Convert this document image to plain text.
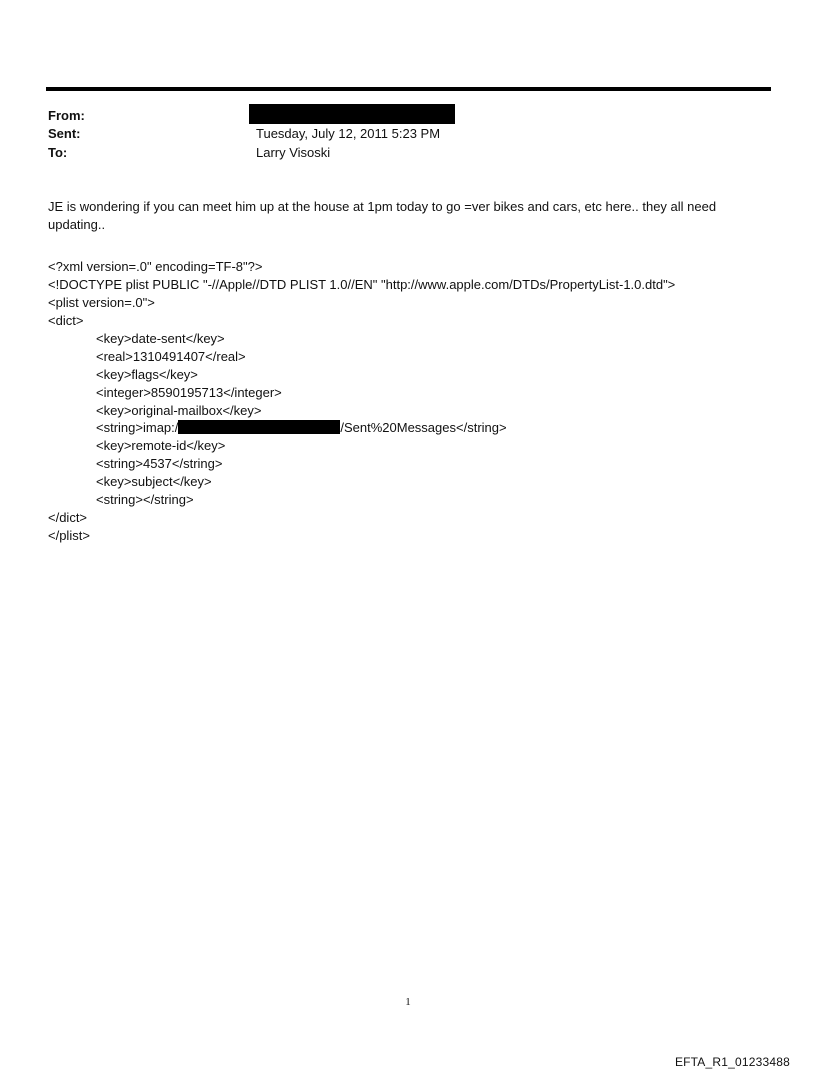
From:
Sent:	Tuesday, July 12, 2011 5:23 PM
To:	Larry Visoski
JE is wondering if you can meet him up at the house at 1pm today to go =ver bikes and cars, etc here.. they all need updating..
<?xml version=.0" encoding=TF-8"?>
<!DOCTYPE plist PUBLIC "-//Apple//DTD PLIST 1.0//EN" "http://www.apple.com/DTDs/PropertyList-1.0.dtd">
<plist version=.0">
<dict>
<key>date-sent</key>
<real>1310491407</real>
<key>flags</key>
<integer>8590195713</integer>
<key>original-mailbox</key>
<string>imap:/	/Sent%20Messages</string>
<key>remote-id</key>
<string>4537</string>
<key>subject</key>
<string></string>
</dict>
</plist>
1
EFTA_R1_01233488
